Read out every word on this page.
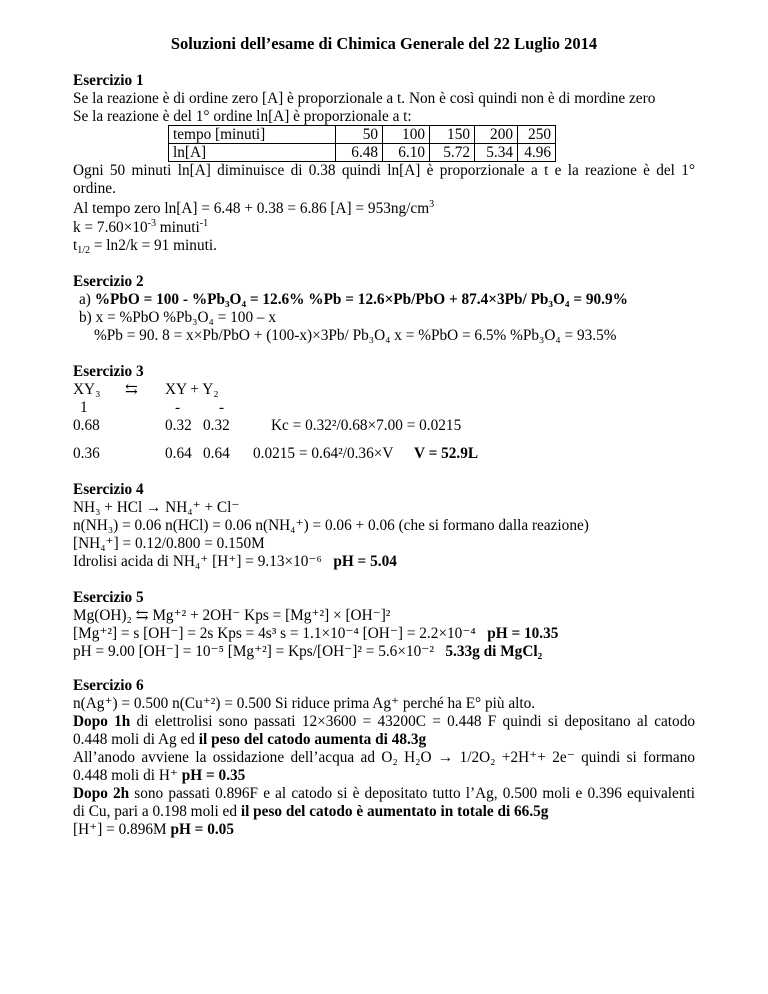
Soluzioni dell’esame di Chimica Generale del 22 Luglio 2014
Esercizio 1
Se la reazione è di ordine zero [A] è proporzionale a t. Non è così quindi non è di mordine zero
Se la reazione è del 1° ordine ln[A] è proporzionale a t:
tempo [minuti]	50	100	150	200	250
ln[A]	6.48	6.10	5.72	5.34	4.96
Ogni 50 minuti ln[A] diminuisce di 0.38 quindi ln[A] è proporzionale a t e la reazione è del 1°
ordine.
Al tempo zero ln[A] = 6.48 + 0.38 = 6.86 $[A] = 953ng/cm^3$
$k = 7.60\times 10^{-3}$ minuti$^{-1}$
$t_{1/2} = \ln 2/k = 91$ minuti.
Esercizio 2
a) %PbO = 100 - %Pb₃O₄ = 12.6% %Pb = 12.6×Pb/PbO + 87.4×3Pb/ Pb₃O₄ = 90.9%
b) x = %PbO %Pb₃O₄ = 100 – x
%Pb = 90. 8 = x×Pb/PbO + (100-x)×3Pb/ Pb₃O₄ x = %PbO = 6.5% %Pb₃O₄ = 93.5%
Esercizio 3
XY₃ ⇆ XY + Y₂
1	-	-
0.68	0.32 0.32	Kc = 0.32²/0.68×7.00 = 0.0215
0.36	0.64 0.64 0.0215 = 0.64²/0.36×V V = 52.9L
Esercizio 4
NH₃ + HCl → NH₄⁺ + Cl⁻
n(NH₃) = 0.06 n(HCl) = 0.06 n(NH₄⁺) = 0.06 + 0.06 (che si formano dalla reazione)
[NH₄⁺] = 0.12/0.800 = 0.150M
Idrolisi acida di NH₄⁺ [H⁺] = 9.13×10⁻⁶ pH = 5.04
Esercizio 5
Mg(OH)₂ ⇆ Mg⁺² + 2OH⁻ Kps = [Mg⁺²] × [OH⁻]²
[Mg⁺²] = s [OH⁻] = 2s Kps = 4s³ s = 1.1×10⁻⁴ [OH⁻] = 2.2×10⁻⁴ pH = 10.35
pH = 9.00 [OH⁻] = 10⁻⁵ [Mg⁺²] = Kps/[OH⁻]² = 5.6×10⁻² 5.33g di MgCl₂
Esercizio 6
n(Ag⁺) = 0.500 n(Cu⁺²) = 0.500 Si riduce prima Ag⁺ perché ha E° più alto.
Dopo 1h di elettrolisi sono passati 12×3600 = 43200C = 0.448 F quindi si depositano al catodo
0.448 moli di Ag ed il peso del catodo aumenta di 48.3g
All’anodo avviene la ossidazione dell’acqua ad O₂ H₂O → 1/2O₂ +2H⁺+ 2e⁻ quindi si formano
0.448 moli di H⁺ pH = 0.35
Dopo 2h sono passati 0.896F e al catodo si è depositato tutto l’Ag, 0.500 moli e 0.396 equivalenti
di Cu, pari a 0.198 moli ed il peso del catodo è aumentato in totale di 66.5g
[H⁺] = 0.896M pH = 0.05
